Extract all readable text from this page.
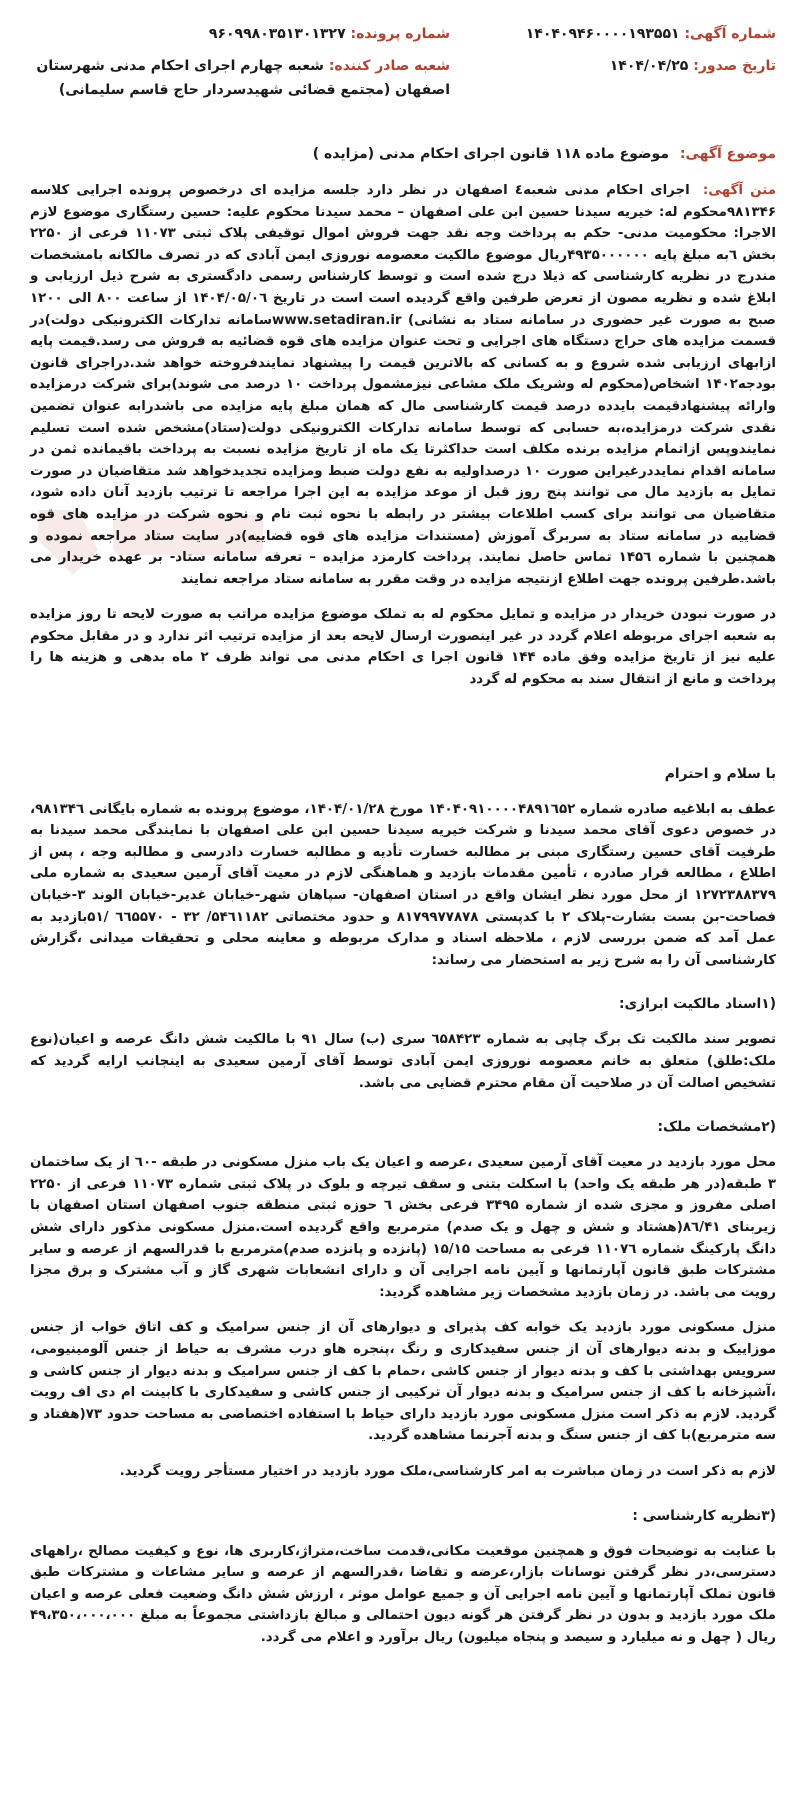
شماره آگهی: ۱۴۰۴۰۹۴۶۰۰۰۰۱۹۳۵۵۱
تاریخ صدور: ۱۴۰۴/۰۴/۲۵
شماره پرونده: ۹۶۰۹۹۸۰۳۵۱۳۰۱۳۲۷
شعبه صادر کننده: شعبه چهارم اجرای احکام مدنی شهرستان اصفهان (مجتمع قضائی شهیدسردار حاج قاسم سلیمانی)
موضوع آگهی: موضوع ماده ۱۱۸ قانون اجرای احکام مدنی (مزایده )
متن آگهی: اجرای احکام مدنی شعبه٤ اصفهان در نظر دارد جلسه مزایده ای درخصوص پرونده اجرایی کلاسه ۹۸۱۳۴۶محکوم له: خیریه سیدنا حسین ابن علی اصفهان – محمد سیدنا محکوم علیه: حسین رستگاری موضوع لازم الاجرا: محکومیت مدنی- حکم به پرداخت وجه نقد جهت فروش اموال توقیفی پلاک ثبتی ۱۱۰۷۳ فرعی از ۲۲۵۰ بخش ٦به مبلغ پایه ۴۹۳۵۰۰۰۰۰۰ریال موضوع مالکیت معصومه نوروزی ایمن آبادی که در تصرف مالکانه بامشخصات مندرج در نظریه کارشناسی که ذیلا درج شده است و توسط کارشناس رسمی دادگستری به شرح ذیل ارزیابی و ابلاغ شده و نظریه مصون از تعرض طرفین واقع گردیده است است در تاریخ ۱۴۰۴/۰۵/۰٦ از ساعت ۸۰۰ الی ۱۲۰۰ صبح به صورت غیر حضوری در سامانه ستاد به نشانی) www.setadiran.irسامانه تدارکات الکترونیکی دولت)در قسمت مزایده های حراج دستگاه های اجرایی و تحت عنوان مزایده های قوه قضائیه به فروش می رسد.قیمت پایه ازابهای ارزیابی شده شروع و به کسانی که بالاترین قیمت را پیشنهاد نمایندفروخته خواهد شد.دراجرای قانون بودجه۱۴۰۲ اشخاص(محکوم له وشریک ملک مشاعی نیزمشمول پرداخت ۱۰ درصد می شوند)برای شرکت درمزایده وارائه پیشنهادقیمت بایدده درصد قیمت کارشناسی مال که همان مبلغ پایه مزایده می باشدرابه عنوان تضمین نقدی شرکت درمزایده،به حسابی که توسط سامانه تدارکات الکترونیکی دولت(ستاد)مشخص شده است تسلیم نمایندوپس ازاتمام مزایده برنده مکلف است حداکثرتا یک ماه از تاریخ مزایده نسبت به پرداخت باقیمانده ثمن در سامانه اقدام نمایددرغیراین صورت ۱۰ درصداولیه به نفع دولت ضبط ومزایده تجدیدخواهد شد متقاضیان در صورت تمایل به بازدید مال می توانند پنج روز قبل از موعد مزایده به این اجرا مراجعه تا ترتیب بازدید آنان داده شود، متقاضیان می توانند برای کسب اطلاعات بیشتر در رابطه با نحوه ثبت نام و نحوه شرکت در مزایده های قوه قضاییه در سامانه ستاد به سربرگ آموزش (مستندات مزایده های قوه قضاییه)در سایت ستاد مراجعه نموده و همچنین با شماره ۱۴۵٦ تماس حاصل نمایند. پرداخت کارمزد مزایده – تعرفه سامانه ستاد- بر عهده خریدار می باشد.طرفین پرونده جهت اطلاع ازنتیجه مزایده در وقت مقرر به سامانه ستاد مراجعه نمایند

در صورت نبودن خریدار در مزایده و تمایل محکوم له به تملک موضوع مزایده مراتب به صورت لایحه تا روز مزایده به شعبه اجرای مربوطه اعلام گردد در غیر اینصورت ارسال لایحه بعد از مزایده ترتیب اثر ندارد و در مقابل محکوم علیه نیز از تاریخ مزایده وفق ماده ۱۴۴ قانون اجرا ی احکام مدنی می تواند ظرف ۲ ماه بدهی و هزینه ها را پرداخت و مانع از انتقال سند به محکوم له گردد

با سلام و احترام

عطف به ابلاغیه صادره شماره ۱۴۰۴۰۹۱۰۰۰۰۴۸۹۱٦۵۲ مورخ ۱۴۰۴/۰۱/۲۸، موضوع پرونده به شماره بایگانی ۹۸۱۳۴٦، در خصوص دعوی آقای محمد سیدنا و شرکت خیریه سیدنا حسین ابن علی اصفهان با نمایندگی محمد سیدنا به طرفیت آقای حسین رستگاری مبنی بر مطالبه خسارت تأدیه و مطالبه خسارت دادرسی و مطالبه وجه ، پس از اطلاع ، مطالعه قرار صادره ، تأمین مقدمات بازدید و هماهنگی لازم در معیت آقای آرمین سعیدی به شماره ملی ۱۲۷۲۳۸۸۳۷۹ از محل مورد نظر ایشان واقع در استان اصفهان- سپاهان شهر-خیابان غدیر-خیابان الوند ۳-خیابان فصاحت-بن بست بشارت-پلاک ۲ با کدپستی ۸۱۷۹۹۷۷۸۷۸ و حدود مختصاتی ۵۴٦۱۱۸۲/ ۳۲ - ٦٦۵۵۷۰ /۵۱بازدید به عمل آمد که ضمن بررسی لازم ، ملاحظه اسناد و مدارک مربوطه و معاینه محلی و تحقیقات میدانی ،گزارش کارشناسی آن را به شرح زیر به استحضار می رساند:

(۱اسناد مالکیت ابرازی:

تصویر سند مالکیت تک برگ چاپی به شماره ٦۵۸۴۲۳ سری (ب) سال ۹۱ با مالکیت شش دانگ عرصه و اعیان(نوع ملک:طلق) متعلق به خانم معصومه نوروزی ایمن آبادی توسط آقای آرمین سعیدی به اینجانب ارایه گردید که تشخیص اصالت آن در صلاحیت آن مقام محترم قضایی می باشد.

(۲مشخصات ملک:

محل مورد بازدید در معیت آقای آرمین سعیدی ،عرصه و اعیان یک باب منزل مسکونی در طبقه -٦۰ از یک ساختمان ۳ طبقه(در هر طبقه یک واحد) با اسکلت بتنی و سقف تیرچه و بلوک در پلاک ثبتی شماره ۱۱۰۷۳ فرعی از ۲۲۵۰ اصلی مفروز و مجزی شده از شماره ۳۴۹۵ فرعی بخش ٦ حوزه ثبتی منطقه جنوب اصفهان استان اصفهان با زیربنای ۸٦/۴۱(هشتاد و شش و چهل و یک صدم) مترمربع واقع گردیده است.منزل مسکونی مذکور دارای شش دانگ پارکینگ شماره ۱۱۰۷٦ فرعی به مساحت ۱۵/۱۵ (پانزده و پانزده صدم)مترمربع با قدرالسهم از عرصه و سایر مشترکات طبق قانون آپارتمانها و آیین نامه اجرایی آن و دارای انشعابات شهری گاز و آب مشترک و برق مجزا رویت می باشد. در زمان بازدید مشخصات زیر مشاهده گردید:

منزل مسکونی مورد بازدید یک خوابه کف پذیرای و دیوارهای آن از جنس سرامیک و کف اتاق خواب از جنس موزاییک و بدنه دیوارهای آن از جنس سفیدکاری و رنگ ،پنجره هاو درب مشرف به حیاط از جنس آلومینیومی، سرویس بهداشتی با کف و بدنه دیوار از جنس کاشی ،حمام با کف از جنس سرامیک و بدنه دیوار از جنس کاشی و ،آشپزخانه با کف از جنس سرامیک و بدنه دیوار آن ترکیبی از جنس کاشی و سفیدکاری با کابینت ام دی اف رویت گردید. لازم به ذکر است منزل مسکونی مورد بازدید دارای حیاط با استفاده اختصاصی به مساحت حدود ۷۳(هفتاد و سه مترمربع)با کف از جنس سنگ و بدنه آجرنما مشاهده گردید.

لازم به ذکر است در زمان مباشرت به امر کارشناسی،ملک مورد بازدید در اختیار مستأجر رویت گردید.

(۳نظریه کارشناسی :

با عنایت به توضیحات فوق و همچنین موقعیت مکانی،قدمت ساخت،متراژ،کاربری ها، نوع و کیفیت مصالح ،راههای دسترسی،در نظر گرفتن نوسانات بازار،عرضه و تقاضا ،قدرالسهم از عرصه و سایر مشاعات و مشترکات طبق قانون تملک آپارتمانها و آیین نامه اجرایی آن و جمیع عوامل موثر ، ارزش شش دانگ وضعیت فعلی عرصه و اعیان ملک مورد بازدید و بدون در نظر گرفتن هر گونه دیون احتمالی و مبالغ بازداشتی مجموعاً به مبلغ ۴۹،۳۵۰،۰۰۰،۰۰۰ ریال ( چهل و نه میلیارد و سیصد و پنجاه میلیون) ریال برآورد و اعلام می گردد.
